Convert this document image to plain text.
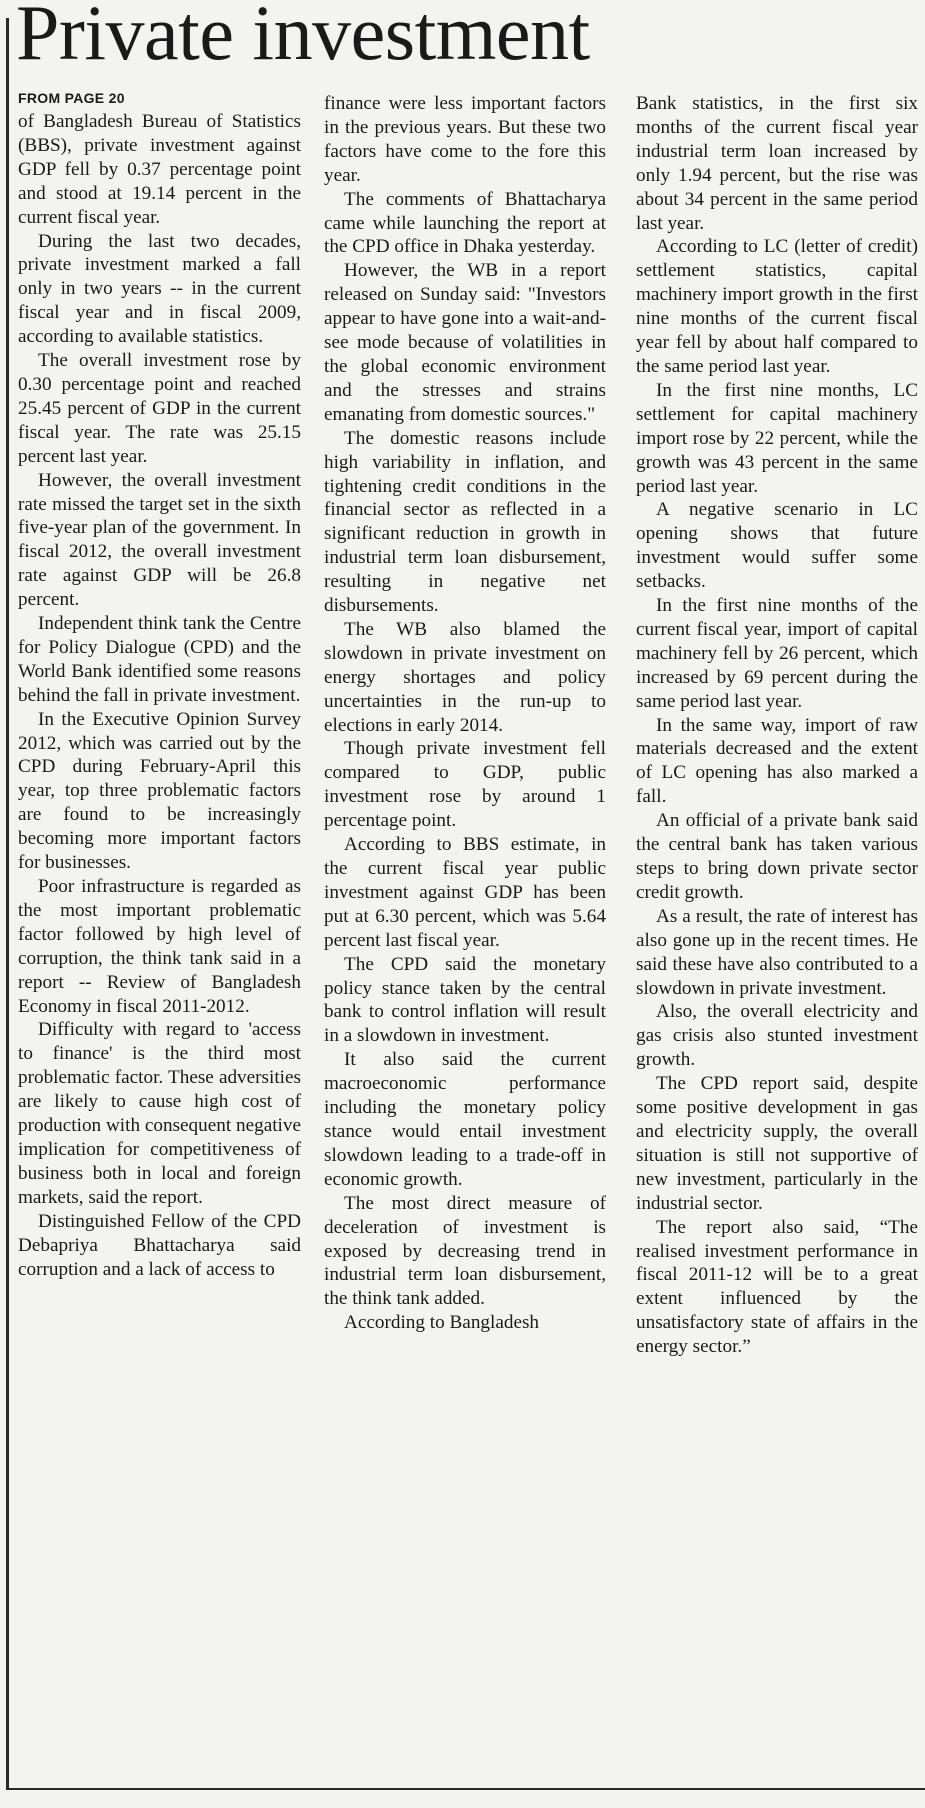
Private investment
FROM PAGE 20

of Bangladesh Bureau of Statistics (BBS), private investment against GDP fell by 0.37 percentage point and stood at 19.14 percent in the current fiscal year.

During the last two decades, private investment marked a fall only in two years -- in the current fiscal year and in fiscal 2009, according to available statistics.

The overall investment rose by 0.30 percentage point and reached 25.45 percent of GDP in the current fiscal year. The rate was 25.15 percent last year.

However, the overall investment rate missed the target set in the sixth five-year plan of the government. In fiscal 2012, the overall investment rate against GDP will be 26.8 percent.

Independent think tank the Centre for Policy Dialogue (CPD) and the World Bank identified some reasons behind the fall in private investment.

In the Executive Opinion Survey 2012, which was carried out by the CPD during February-April this year, top three problematic factors are found to be increasingly becoming more important factors for businesses.

Poor infrastructure is regarded as the most important problematic factor followed by high level of corruption, the think tank said in a report -- Review of Bangladesh Economy in fiscal 2011-2012.

Difficulty with regard to 'access to finance' is the third most problematic factor. These adversities are likely to cause high cost of production with consequent negative implication for competitiveness of business both in local and foreign markets, said the report.

Distinguished Fellow of the CPD Debapriya Bhattacharya said corruption and a lack of access to

finance were less important factors in the previous years. But these two factors have come to the fore this year.

The comments of Bhattacharya came while launching the report at the CPD office in Dhaka yesterday.

However, the WB in a report released on Sunday said: "Investors appear to have gone into a wait-and-see mode because of volatilities in the global economic environment and the stresses and strains emanating from domestic sources."

The domestic reasons include high variability in inflation, and tightening credit conditions in the financial sector as reflected in a significant reduction in growth in industrial term loan disbursement, resulting in negative net disbursements.

The WB also blamed the slowdown in private investment on energy shortages and policy uncertainties in the run-up to elections in early 2014.

Though private investment fell compared to GDP, public investment rose by around 1 percentage point.

According to BBS estimate, in the current fiscal year public investment against GDP has been put at 6.30 percent, which was 5.64 percent last fiscal year.

The CPD said the monetary policy stance taken by the central bank to control inflation will result in a slowdown in investment.

It also said the current macroeconomic performance including the monetary policy stance would entail investment slowdown leading to a trade-off in economic growth.

The most direct measure of deceleration of investment is exposed by decreasing trend in industrial term loan disbursement, the think tank added.

According to Bangladesh

Bank statistics, in the first six months of the current fiscal year industrial term loan increased by only 1.94 percent, but the rise was about 34 percent in the same period last year.

According to LC (letter of credit) settlement statistics, capital machinery import growth in the first nine months of the current fiscal year fell by about half compared to the same period last year.

In the first nine months, LC settlement for capital machinery import rose by 22 percent, while the growth was 43 percent in the same period last year.

A negative scenario in LC opening shows that future investment would suffer some setbacks.

In the first nine months of the current fiscal year, import of capital machinery fell by 26 percent, which increased by 69 percent during the same period last year.

In the same way, import of raw materials decreased and the extent of LC opening has also marked a fall.

An official of a private bank said the central bank has taken various steps to bring down private sector credit growth.

As a result, the rate of interest has also gone up in the recent times. He said these have also contributed to a slowdown in private investment.

Also, the overall electricity and gas crisis also stunted investment growth.

The CPD report said, despite some positive development in gas and electricity supply, the overall situation is still not supportive of new investment, particularly in the industrial sector.

The report also said, “The realised investment performance in fiscal 2011-12 will be to a great extent influenced by the unsatisfactory state of affairs in the energy sector.”
